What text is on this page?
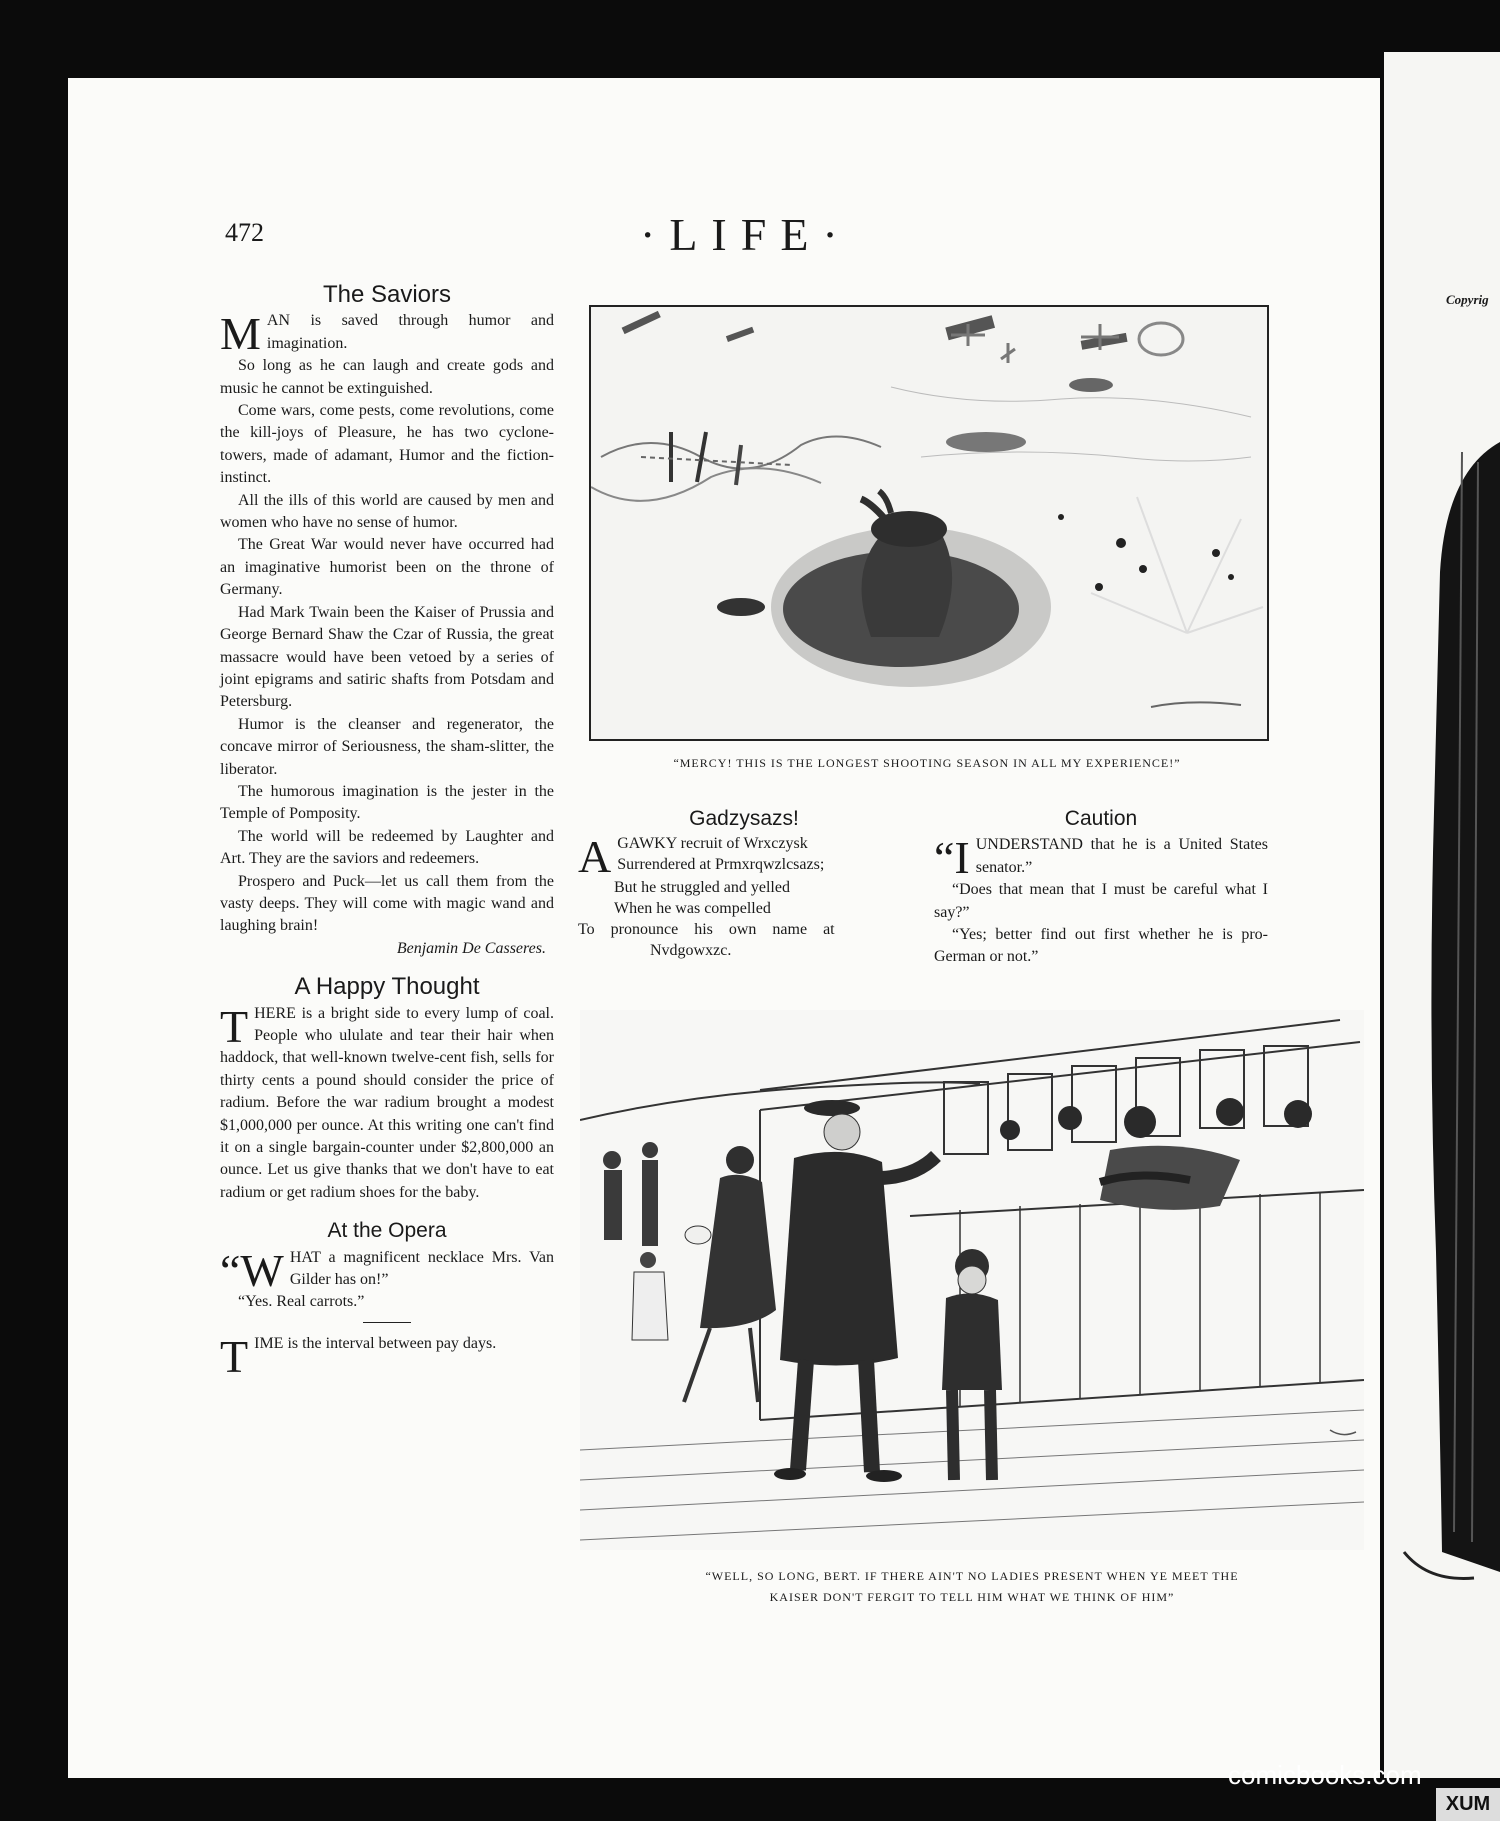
Copyrig
472	·LIFE·
The Saviors

MAN is saved through humor and imagination.

So long as he can laugh and create gods and music he cannot be extinguished.

Come wars, come pests, come revolutions, come the kill-joys of Pleasure, he has two cyclone-towers, made of adamant, Humor and the fiction-instinct.

All the ills of this world are caused by men and women who have no sense of humor.

The Great War would never have occurred had an imaginative humorist been on the throne of Germany.

Had Mark Twain been the Kaiser of Prussia and George Bernard Shaw the Czar of Russia, the great massacre would have been vetoed by a series of joint epigrams and satiric shafts from Potsdam and Petersburg.

Humor is the cleanser and regenerator, the concave mirror of Seriousness, the sham-slitter, the liberator.

The humorous imagination is the jester in the Temple of Pomposity.

The world will be redeemed by Laughter and Art. They are the saviors and redeemers.

Prospero and Puck—let us call them from the vasty deeps. They will come with magic wand and laughing brain!

Benjamin De Casseres.

A Happy Thought

THERE is a bright side to every lump of coal. People who ululate and tear their hair when haddock, that well-known twelve-cent fish, sells for thirty cents a pound should consider the price of radium. Before the war radium brought a modest $1,000,000 per ounce. At this writing one can't find it on a single bargain-counter under $2,800,000 an ounce. Let us give thanks that we don't have to eat radium or get radium shoes for the baby.

At the Opera

“WHAT a magnificent necklace Mrs. Van Gilder has on!”

“Yes. Real carrots.”

TIME is the interval between pay days.

“MERCY! THIS IS THE LONGEST SHOOTING SEASON IN ALL MY EXPERIENCE!”
Gadzysazs!

AGAWKY recruit of Wrxczysk

Surrendered at Prmxrqwzlcsazs;

But he struggled and yelled

When he was compelled

To pronounce his own name at

Nvdgowxzc.

Caution

“IUNDERSTAND that he is a United States senator.”

“Does that mean that I must be careful what I say?”

“Yes; better find out first whether he is pro-German or not.”

“WELL, SO LONG, BERT. IF THERE AIN'T NO LADIES PRESENT WHEN YE MEET THE
KAISER DON'T FERGIT TO TELL HIM WHAT WE THINK OF HIM”
comicbooks.com
XUM
